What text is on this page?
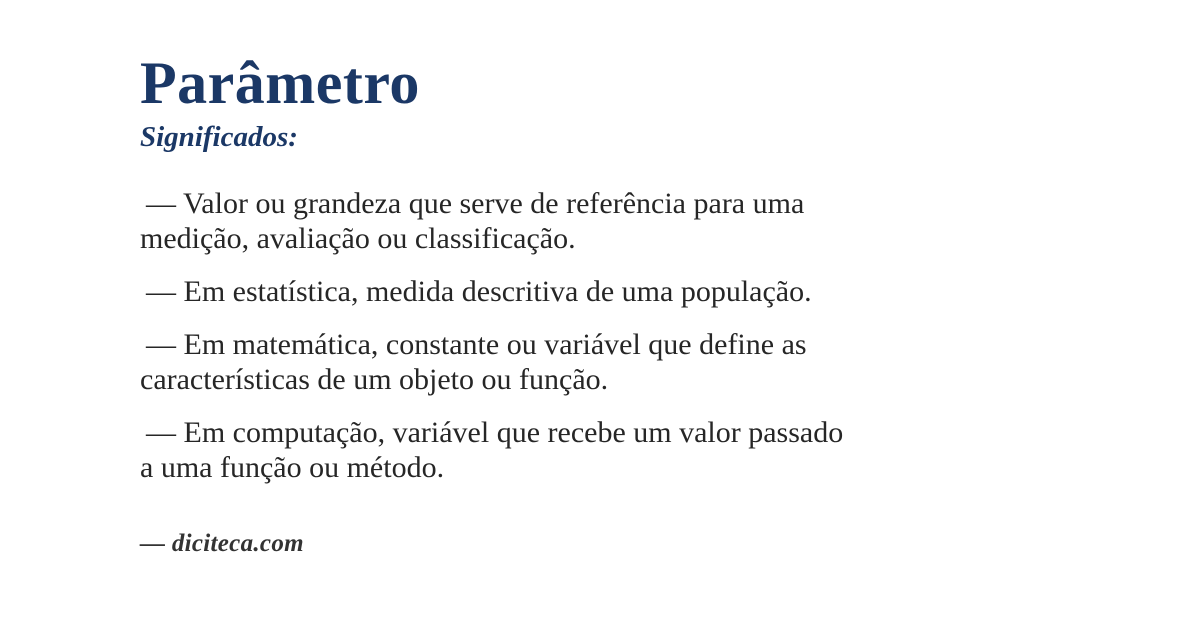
Parâmetro
Significados:
— Valor ou grandeza que serve de referência para uma
medição, avaliação ou classificação.
— Em estatística, medida descritiva de uma população.
— Em matemática, constante ou variável que define as
características de um objeto ou função.
— Em computação, variável que recebe um valor passado
a uma função ou método.
— diciteca.com
